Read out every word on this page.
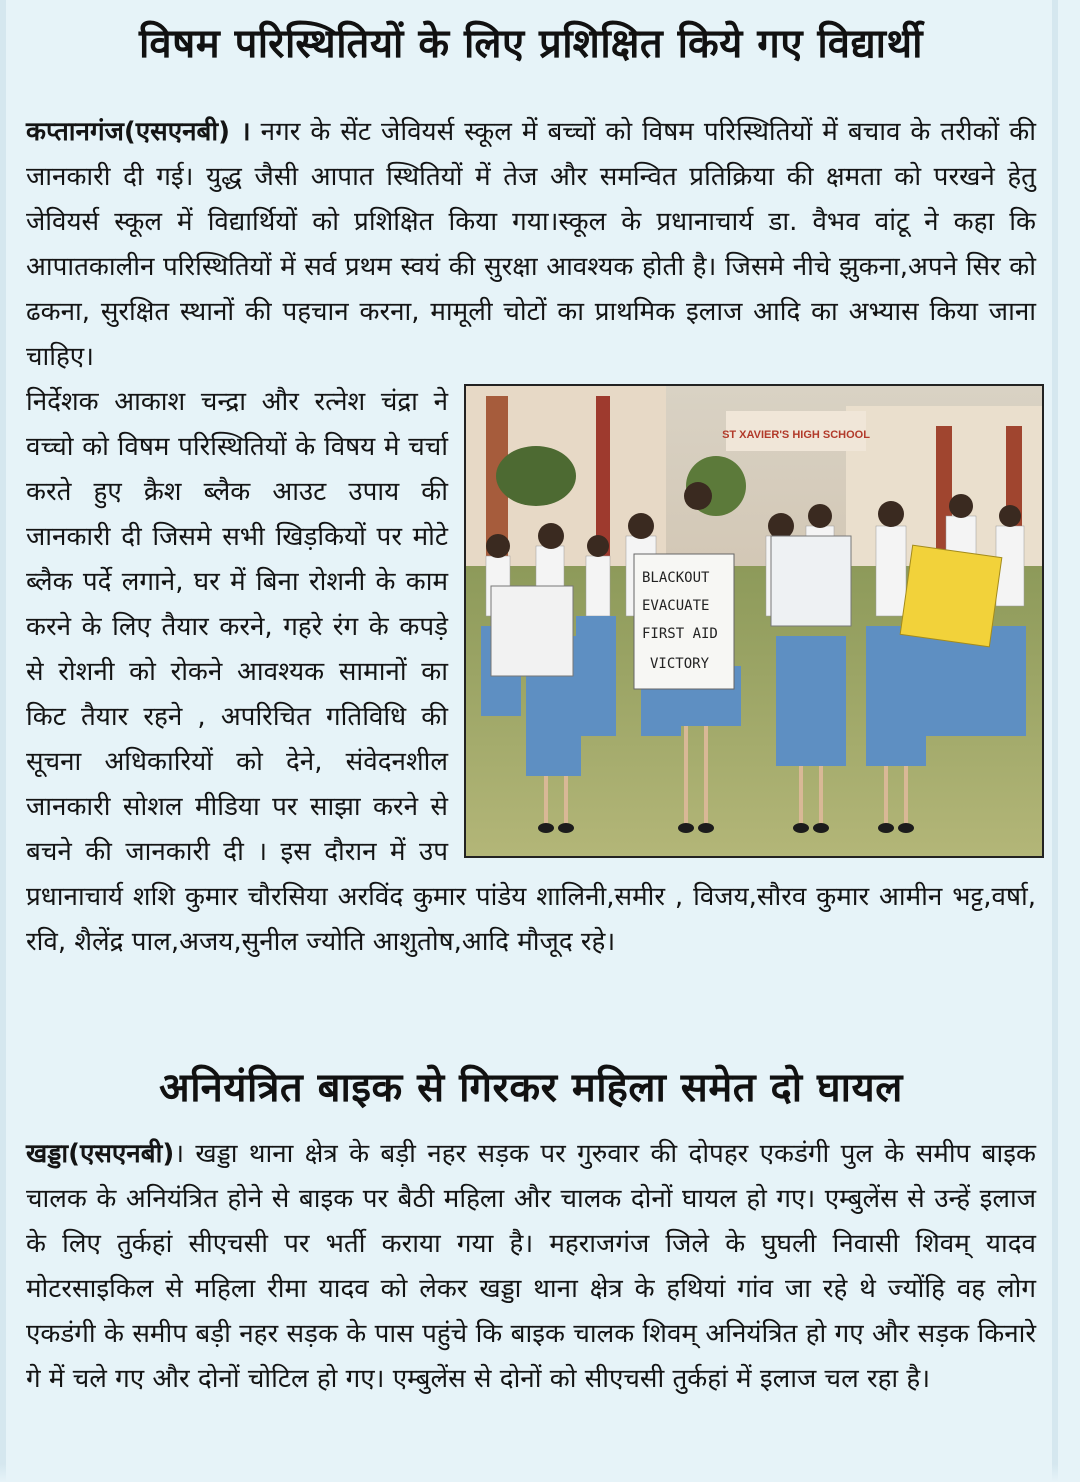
विषम परिस्थितियों के लिए प्रशिक्षित किये गए विद्यार्थी

कप्तानगंज(एसएनबी) । नगर के सेंट जेवियर्स स्कूल में बच्चों को विषम परिस्थितियों में बचाव के तरीकों की जानकारी दी गई। युद्ध जैसी आपात स्थितियों में तेज और समन्वित प्रतिक्रिया की क्षमता को परखने हेतु जेवियर्स स्कूल में विद्यार्थियों को प्रशिक्षित किया गया।स्कूल के प्रधानाचार्य डा. वैभव वांटू ने कहा कि आपातकालीन परिस्थितियों में सर्व प्रथम स्वयं की सुरक्षा आवश्यक होती है। जिसमे नीचे झुकना,अपने सिर को ढकना, सुरक्षित स्थानों की पहचान करना, मामूली चोटों का प्राथमिक इलाज आदि का अभ्यास किया जाना चाहिए।

ST XAVIER'S HIGH SCHOOL
BLACKOUT
EVACUATE
FIRST AID
VICTORY

निर्देशक आकाश चन्द्रा और रत्नेश चंद्रा ने वच्चो को विषम परिस्थितियों के विषय मे चर्चा करते हुए क्रैश ब्लैक आउट उपाय की जानकारी दी जिसमे सभी खिड़कियों पर मोटे ब्लैक पर्दे लगाने, घर में बिना रोशनी के काम करने के लिए तैयार करने, गहरे रंग के कपड़े से रोशनी को रोकने आवश्यक सामानों का किट तैयार रहने , अपरिचित गतिविधि की सूचना अधिकारियों को देने, संवेदनशील जानकारी सोशल मीडिया पर साझा करने से बचने की जानकारी दी । इस दौरान में उप प्रधानाचार्य शशि कुमार चौरसिया अरविंद कुमार पांडेय शालिनी,समीर , विजय,सौरव कुमार आमीन भट्ट,वर्षा, रवि, शैलेंद्र पाल,अजय,सुनील ज्योति आशुतोष,आदि मौजूद रहे।

अनियंत्रित बाइक से गिरकर महिला समेत दो घायल

खड्डा(एसएनबी)। खड्डा थाना क्षेत्र के बड़ी नहर सड़क पर गुरुवार की दोपहर एकडंगी पुल के समीप बाइक चालक के अनियंत्रित होने से बाइक पर बैठी महिला और चालक दोनों घायल हो गए। एम्बुलेंस से उन्हें इलाज के लिए तुर्कहां सीएचसी पर भर्ती कराया गया है। महराजगंज जिले के घुघली निवासी शिवम् यादव मोटरसाइकिल से महिला रीमा यादव को लेकर खड्डा थाना क्षेत्र के हथियां गांव जा रहे थे ज्योंहि वह लोग एकडंगी के समीप बड़ी नहर सड़क के पास पहुंचे कि बाइक चालक शिवम् अनियंत्रित हो गए और सड़क किनारे गे में चले गए और दोनों चोटिल हो गए। एम्बुलेंस से दोनों को सीएचसी तुर्कहां में इलाज चल रहा है।
